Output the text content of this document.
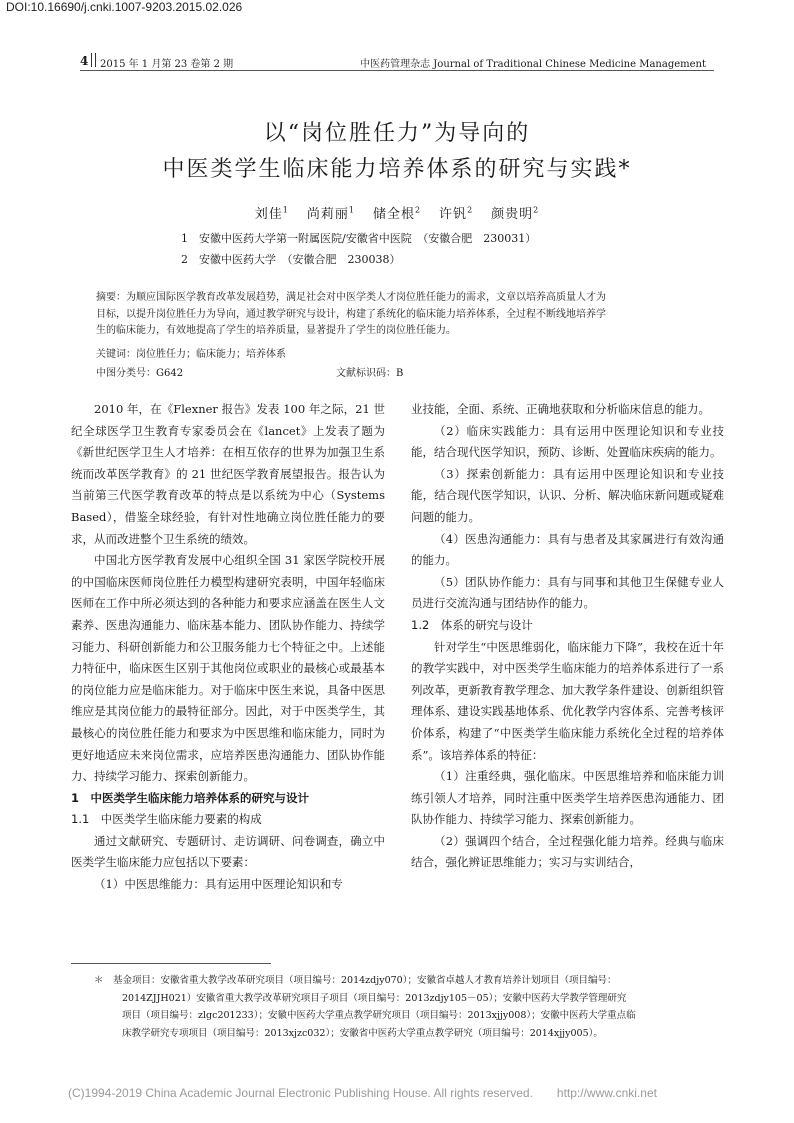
DOI:10.16690/j.cnki.1007-9203.2015.02.026
4 2015 年 1 月第 23 卷第 2 期	中医药管理杂志 Journal of Traditional Chinese Medicine Management
以“岗位胜任力”为导向的
中医类学生临床能力培养体系的研究与实践*
刘佳$^1$ 尚莉丽$^1$ 储全根$^2$ 许钒$^2$ 颜贵明$^2$
1　安徽中医药大学第一附属医院/安徽省中医院　（安徽合肥　230031）
2　安徽中医药大学　（安徽合肥　230038）
摘要：为顺应国际医学教育改革发展趋势，满足社会对中医学类人才岗位胜任能力的需求，文章以培养高质量人才为
目标，以提升岗位胜任力为导向，通过教学研究与设计，构建了系统化的临床能力培养体系，全过程不断线地培养学
生的临床能力，有效地提高了学生的培养质量，显著提升了学生的岗位胜任能力。
关键词：岗位胜任力；临床能力；培养体系
中图分类号：G642	文献标识码：B

2010 年，在《Flexner 报告》发表 100 年之际，21 世纪全球医学卫生教育专家委员会在《lancet》上发表了题为《新世纪医学卫生人才培养：在相互依存的世界为加强卫生系统而改革医学教育》的 21 世纪医学教育展望报告。报告认为当前第三代医学教育改革的特点是以系统为中心（Systems Based），借鉴全球经验，有针对性地确立岗位胜任能力的要求，从而改进整个卫生系统的绩效。

中国北方医学教育发展中心组织全国 31 家医学院校开展的中国临床医师岗位胜任力模型构建研究表明，中国年轻临床医师在工作中所必须达到的各种能力和要求应涵盖在医生人文素养、医患沟通能力、临床基本能力、团队协作能力、持续学习能力、科研创新能力和公卫服务能力七个特征之中。上述能力特征中，临床医生区别于其他岗位或职业的最核心或最基本的岗位能力应是临床能力。对于临床中医生来说，具备中医思维应是其岗位能力的最特征部分。因此，对于中医类学生，其最核心的岗位胜任能力和要求为中医思维和临床能力，同时为更好地适应未来岗位需求，应培养医患沟通能力、团队协作能力、持续学习能力、探索创新能力。

1　中医类学生临床能力培养体系的研究与设计

1.1　中医类学生临床能力要素的构成

通过文献研究、专题研讨、走访调研、问卷调查，确立中医类学生临床能力应包括以下要素：

（1）中医思维能力：具有运用中医理论知识和专

业技能，全面、系统、正确地获取和分析临床信息的能力。

（2）临床实践能力：具有运用中医理论知识和专业技能，结合现代医学知识，预防、诊断、处置临床疾病的能力。

（3）探索创新能力：具有运用中医理论知识和专业技能，结合现代医学知识，认识、分析、解决临床新问题或疑难问题的能力。

（4）医患沟通能力：具有与患者及其家属进行有效沟通的能力。

（5）团队协作能力：具有与同事和其他卫生保健专业人员进行交流沟通与团结协作的能力。

1.2　体系的研究与设计

针对学生“中医思维弱化，临床能力下降”，我校在近十年的教学实践中，对中医类学生临床能力的培养体系进行了一系列改革，更新教育教学理念、加大教学条件建设、创新组织管理体系、建设实践基地体系、优化教学内容体系、完善考核评价体系，构建了“中医类学生临床能力系统化全过程的培养体系”。该培养体系的特征：

（1）注重经典，强化临床。中医思维培养和临床能力训练引领人才培养，同时注重中医类学生培养医患沟通能力、团队协作能力、持续学习能力、探索创新能力。

（2）强调四个结合，全过程强化能力培养。经典与临床结合，强化辨证思维能力；实习与实训结合，

＊　基金项目：安徽省重大教学改革研究项目（项目编号：2014zdjy070）；安徽省卓越人才教育培养计划项目（项目编号：
2014ZJJH021）安徽省重大教学改革研究项目子项目（项目编号：2013zdjy105－05）；安徽中医药大学教学管理研究
项目（项目编号：zlgc201233）；安徽中医药大学重点教学研究项目（项目编号：2013xjjy008）；安徽中医药大学重点临
床教学研究专项项目（项目编号：2013xjzc032）；安徽省中医药大学重点教学研究（项目编号：2014xjjy005）。
(C)1994-2019 China Academic Journal Electronic Publishing House. All rights reserved.　　http://www.cnki.net
